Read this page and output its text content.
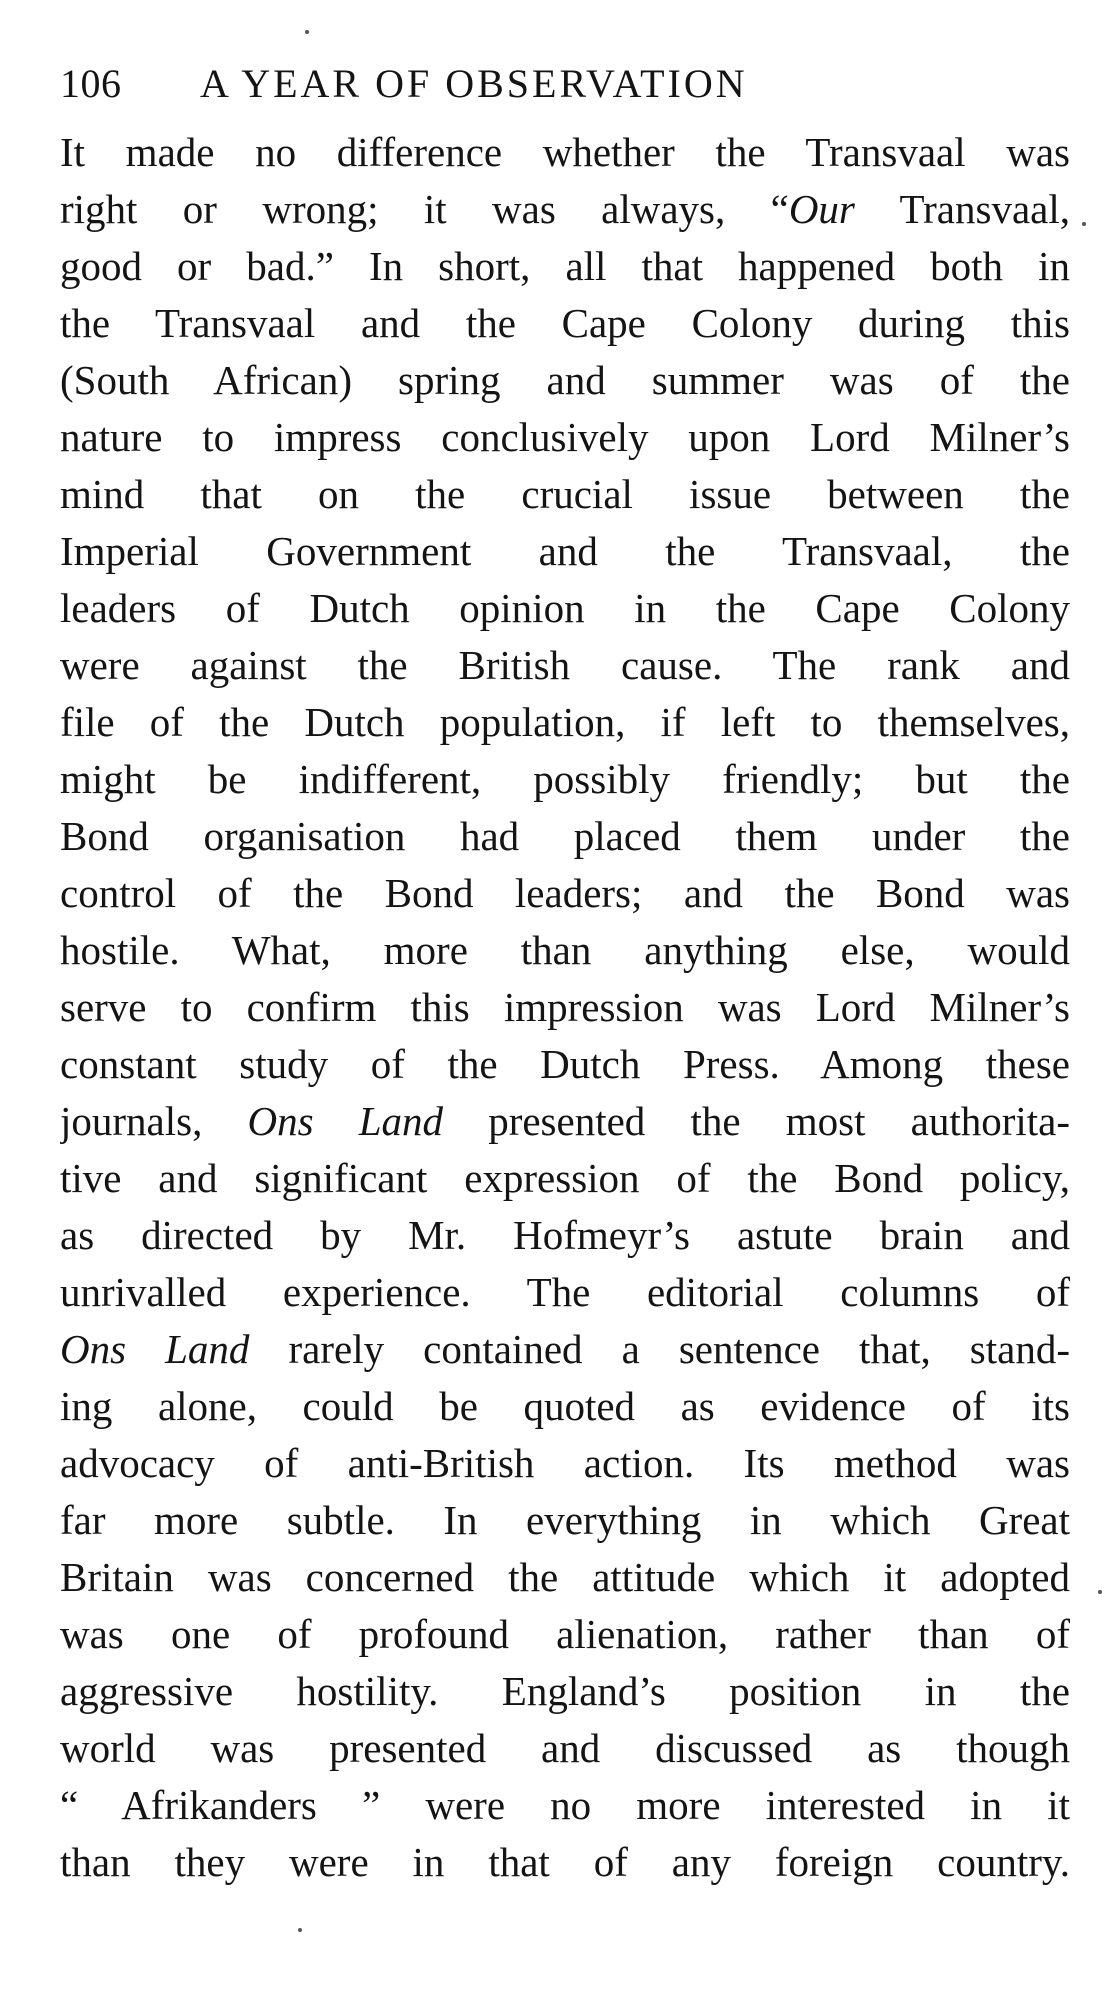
106	A YEAR OF OBSERVATION
It made no difference whether the Transvaal was
right or wrong; it was always, “Our Transvaal,
good or bad.” In short, all that happened both in
the Transvaal and the Cape Colony during this
(South African) spring and summer was of the
nature to impress conclusively upon Lord Milner’s
mind that on the crucial issue between the
Imperial Government and the Transvaal, the
leaders of Dutch opinion in the Cape Colony
were against the British cause. The rank and
file of the Dutch population, if left to themselves,
might be indifferent, possibly friendly; but the
Bond organisation had placed them under the
control of the Bond leaders; and the Bond was
hostile. What, more than anything else, would
serve to confirm this impression was Lord Milner’s
constant study of the Dutch Press. Among these
journals, Ons Land presented the most authorita-
tive and significant expression of the Bond policy,
as directed by Mr. Hofmeyr’s astute brain and
unrivalled experience. The editorial columns of
Ons Land rarely contained a sentence that, stand-
ing alone, could be quoted as evidence of its
advocacy of anti-British action. Its method was
far more subtle. In everything in which Great
Britain was concerned the attitude which it adopted
was one of profound alienation, rather than of
aggressive hostility. England’s position in the
world was presented and discussed as though
“ Afrikanders ” were no more interested in it
than they were in that of any foreign country.
